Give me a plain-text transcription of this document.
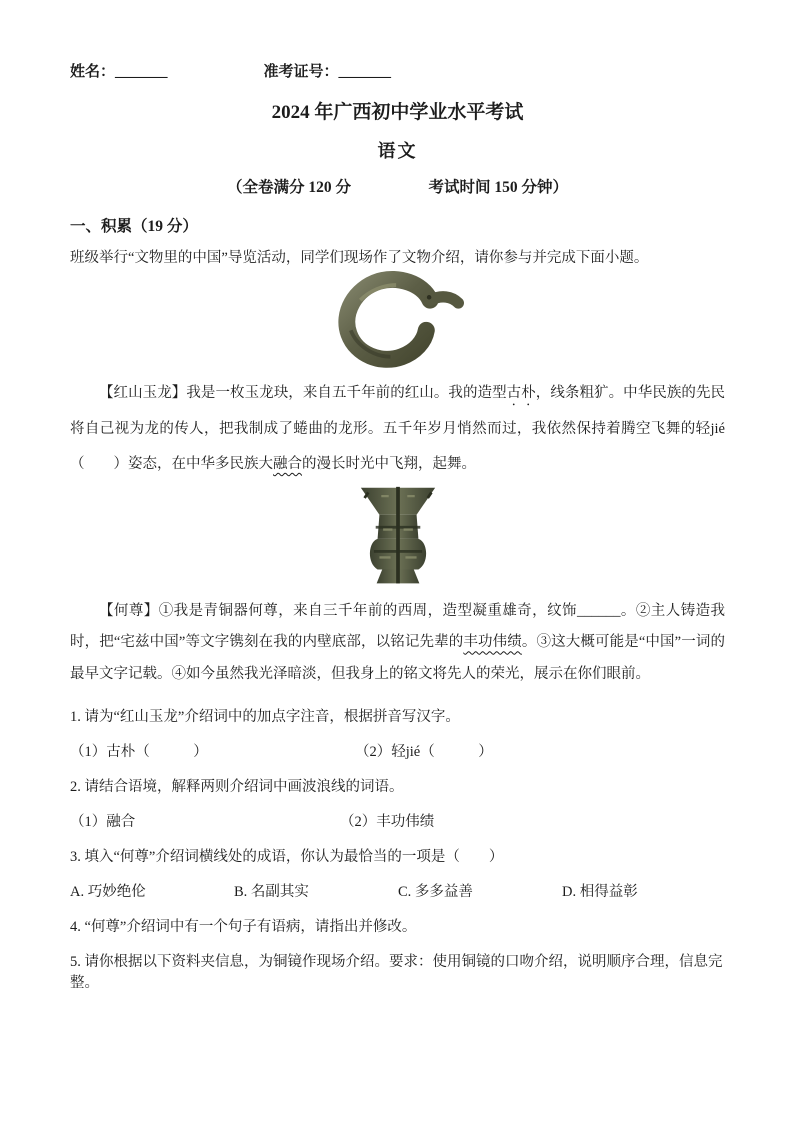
姓名：_______	准考证号：_______

2024 年广西初中学业水平考试

语文

（全卷满分 120 分　　　　　考试时间 150 分钟）

一、积累（19 分）

班级举行“文物里的中国”导览活动，同学们现场作了文物介绍，请你参与并完成下面小题。

【红山玉龙】我是一枚玉龙玦，来自五千年前的红山。我的造型古朴，线条粗犷。中华民族的先民将自己视为龙的传人，把我制成了蜷曲的龙形。五千年岁月悄然而过，我依然保持着腾空飞舞的轻jié（　　）姿态，在中华多民族大融合的漫长时光中飞翔，起舞。

【何尊】①我是青铜器何尊，来自三千年前的西周，造型凝重雄奇，纹饰______。②主人铸造我时，把“宅兹中国”等文字镌刻在我的内壁底部，以铭记先辈的丰功伟绩。③这大概可能是“中国”一词的最早文字记载。④如今虽然我光泽暗淡，但我身上的铭文将先人的荣光，展示在你们眼前。

1. 请为“红山玉龙”介绍词中的加点字注音，根据拼音写汉字。

（1）古朴（　　　）	（2）轻jié（　　　）

2. 请结合语境，解释两则介绍词中画波浪线的词语。

（1）融合	（2）丰功伟绩

3. 填入“何尊”介绍词横线处的成语，你认为最恰当的一项是（　　）

A. 巧妙绝伦	B. 名副其实	C. 多多益善	D. 相得益彰

4. “何尊”介绍词中有一个句子有语病，请指出并修改。

5. 请你根据以下资料夹信息，为铜镜作现场介绍。要求：使用铜镜的口吻介绍，说明顺序合理，信息完整。
